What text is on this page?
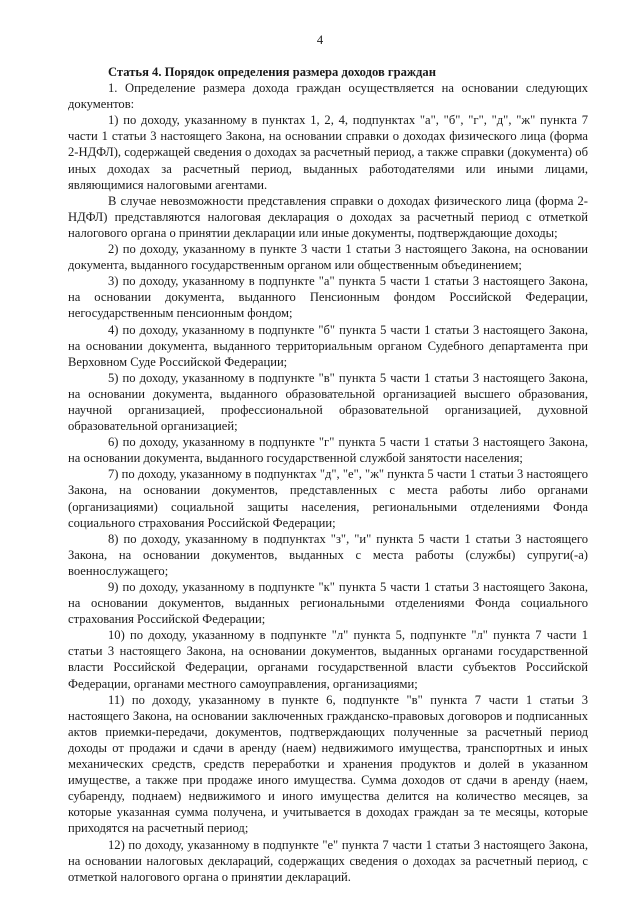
4

Статья 4. Порядок определения размера доходов граждан

1. Определение размера дохода граждан осуществляется на основании следующих документов:

1) по доходу, указанному в пунктах 1, 2, 4, подпунктах "а", "б", "г", "д", "ж" пункта 7 части 1 статьи 3 настоящего Закона, на основании справки о доходах физического лица (форма 2-НДФЛ), содержащей сведения о доходах за расчетный период, а также справки (документа) об иных доходах за расчетный период, выданных работодателями или иными лицами, являющимися налоговыми агентами.

В случае невозможности представления справки о доходах физического лица (форма 2-НДФЛ) представляются налоговая декларация о доходах за расчетный период с отметкой налогового органа о принятии декларации или иные документы, подтверждающие доходы;

2) по доходу, указанному в пункте 3 части 1 статьи 3 настоящего Закона, на основании документа, выданного государственным органом или общественным объединением;

3) по доходу, указанному в подпункте "а" пункта 5 части 1 статьи 3 настоящего Закона, на основании документа, выданного Пенсионным фондом Российской Федерации, негосударственным пенсионным фондом;

4) по доходу, указанному в подпункте "б" пункта 5 части 1 статьи 3 настоящего Закона, на основании документа, выданного территориальным органом Судебного департамента при Верховном Суде Российской Федерации;

5) по доходу, указанному в подпункте "в" пункта 5 части 1 статьи 3 настоящего Закона, на основании документа, выданного образовательной организацией высшего образования, научной организацией, профессиональной образовательной организацией, духовной образовательной организацией;

6) по доходу, указанному в подпункте "г" пункта 5 части 1 статьи 3 настоящего Закона, на основании документа, выданного государственной службой занятости населения;

7) по доходу, указанному в подпунктах "д", "е", "ж" пункта 5 части 1 статьи 3 настоящего Закона, на основании документов, представленных с места работы либо органами (организациями) социальной защиты населения, региональными отделениями Фонда социального страхования Российской Федерации;

8) по доходу, указанному в подпунктах "з", "и" пункта 5 части 1 статьи 3 настоящего Закона, на основании документов, выданных с места работы (службы) супруги(-а) военнослужащего;

9) по доходу, указанному в подпункте "к" пункта 5 части 1 статьи 3 настоящего Закона, на основании документов, выданных региональными отделениями Фонда социального страхования Российской Федерации;

10) по доходу, указанному в подпункте "л" пункта 5, подпункте "л" пункта 7 части 1 статьи 3 настоящего Закона, на основании документов, выданных органами государственной власти Российской Федерации, органами государственной власти субъектов Российской Федерации, органами местного самоуправления, организациями;

11) по доходу, указанному в пункте 6, подпункте "в" пункта 7 части 1 статьи 3 настоящего Закона, на основании заключенных гражданско-правовых договоров и подписанных актов приемки-передачи, документов, подтверждающих полученные за расчетный период доходы от продажи и сдачи в аренду (наем) недвижимого имущества, транспортных и иных механических средств, средств переработки и хранения продуктов и долей в указанном имуществе, а также при продаже иного имущества. Сумма доходов от сдачи в аренду (наем, субаренду, поднаем) недвижимого и иного имущества делится на количество месяцев, за которые указанная сумма получена, и учитывается в доходах граждан за те месяцы, которые приходятся на расчетный период;

12) по доходу, указанному в подпункте "е" пункта 7 части 1 статьи 3 настоящего Закона, на основании налоговых деклараций, содержащих сведения о доходах за расчетный период, с отметкой налогового органа о принятии деклараций.
